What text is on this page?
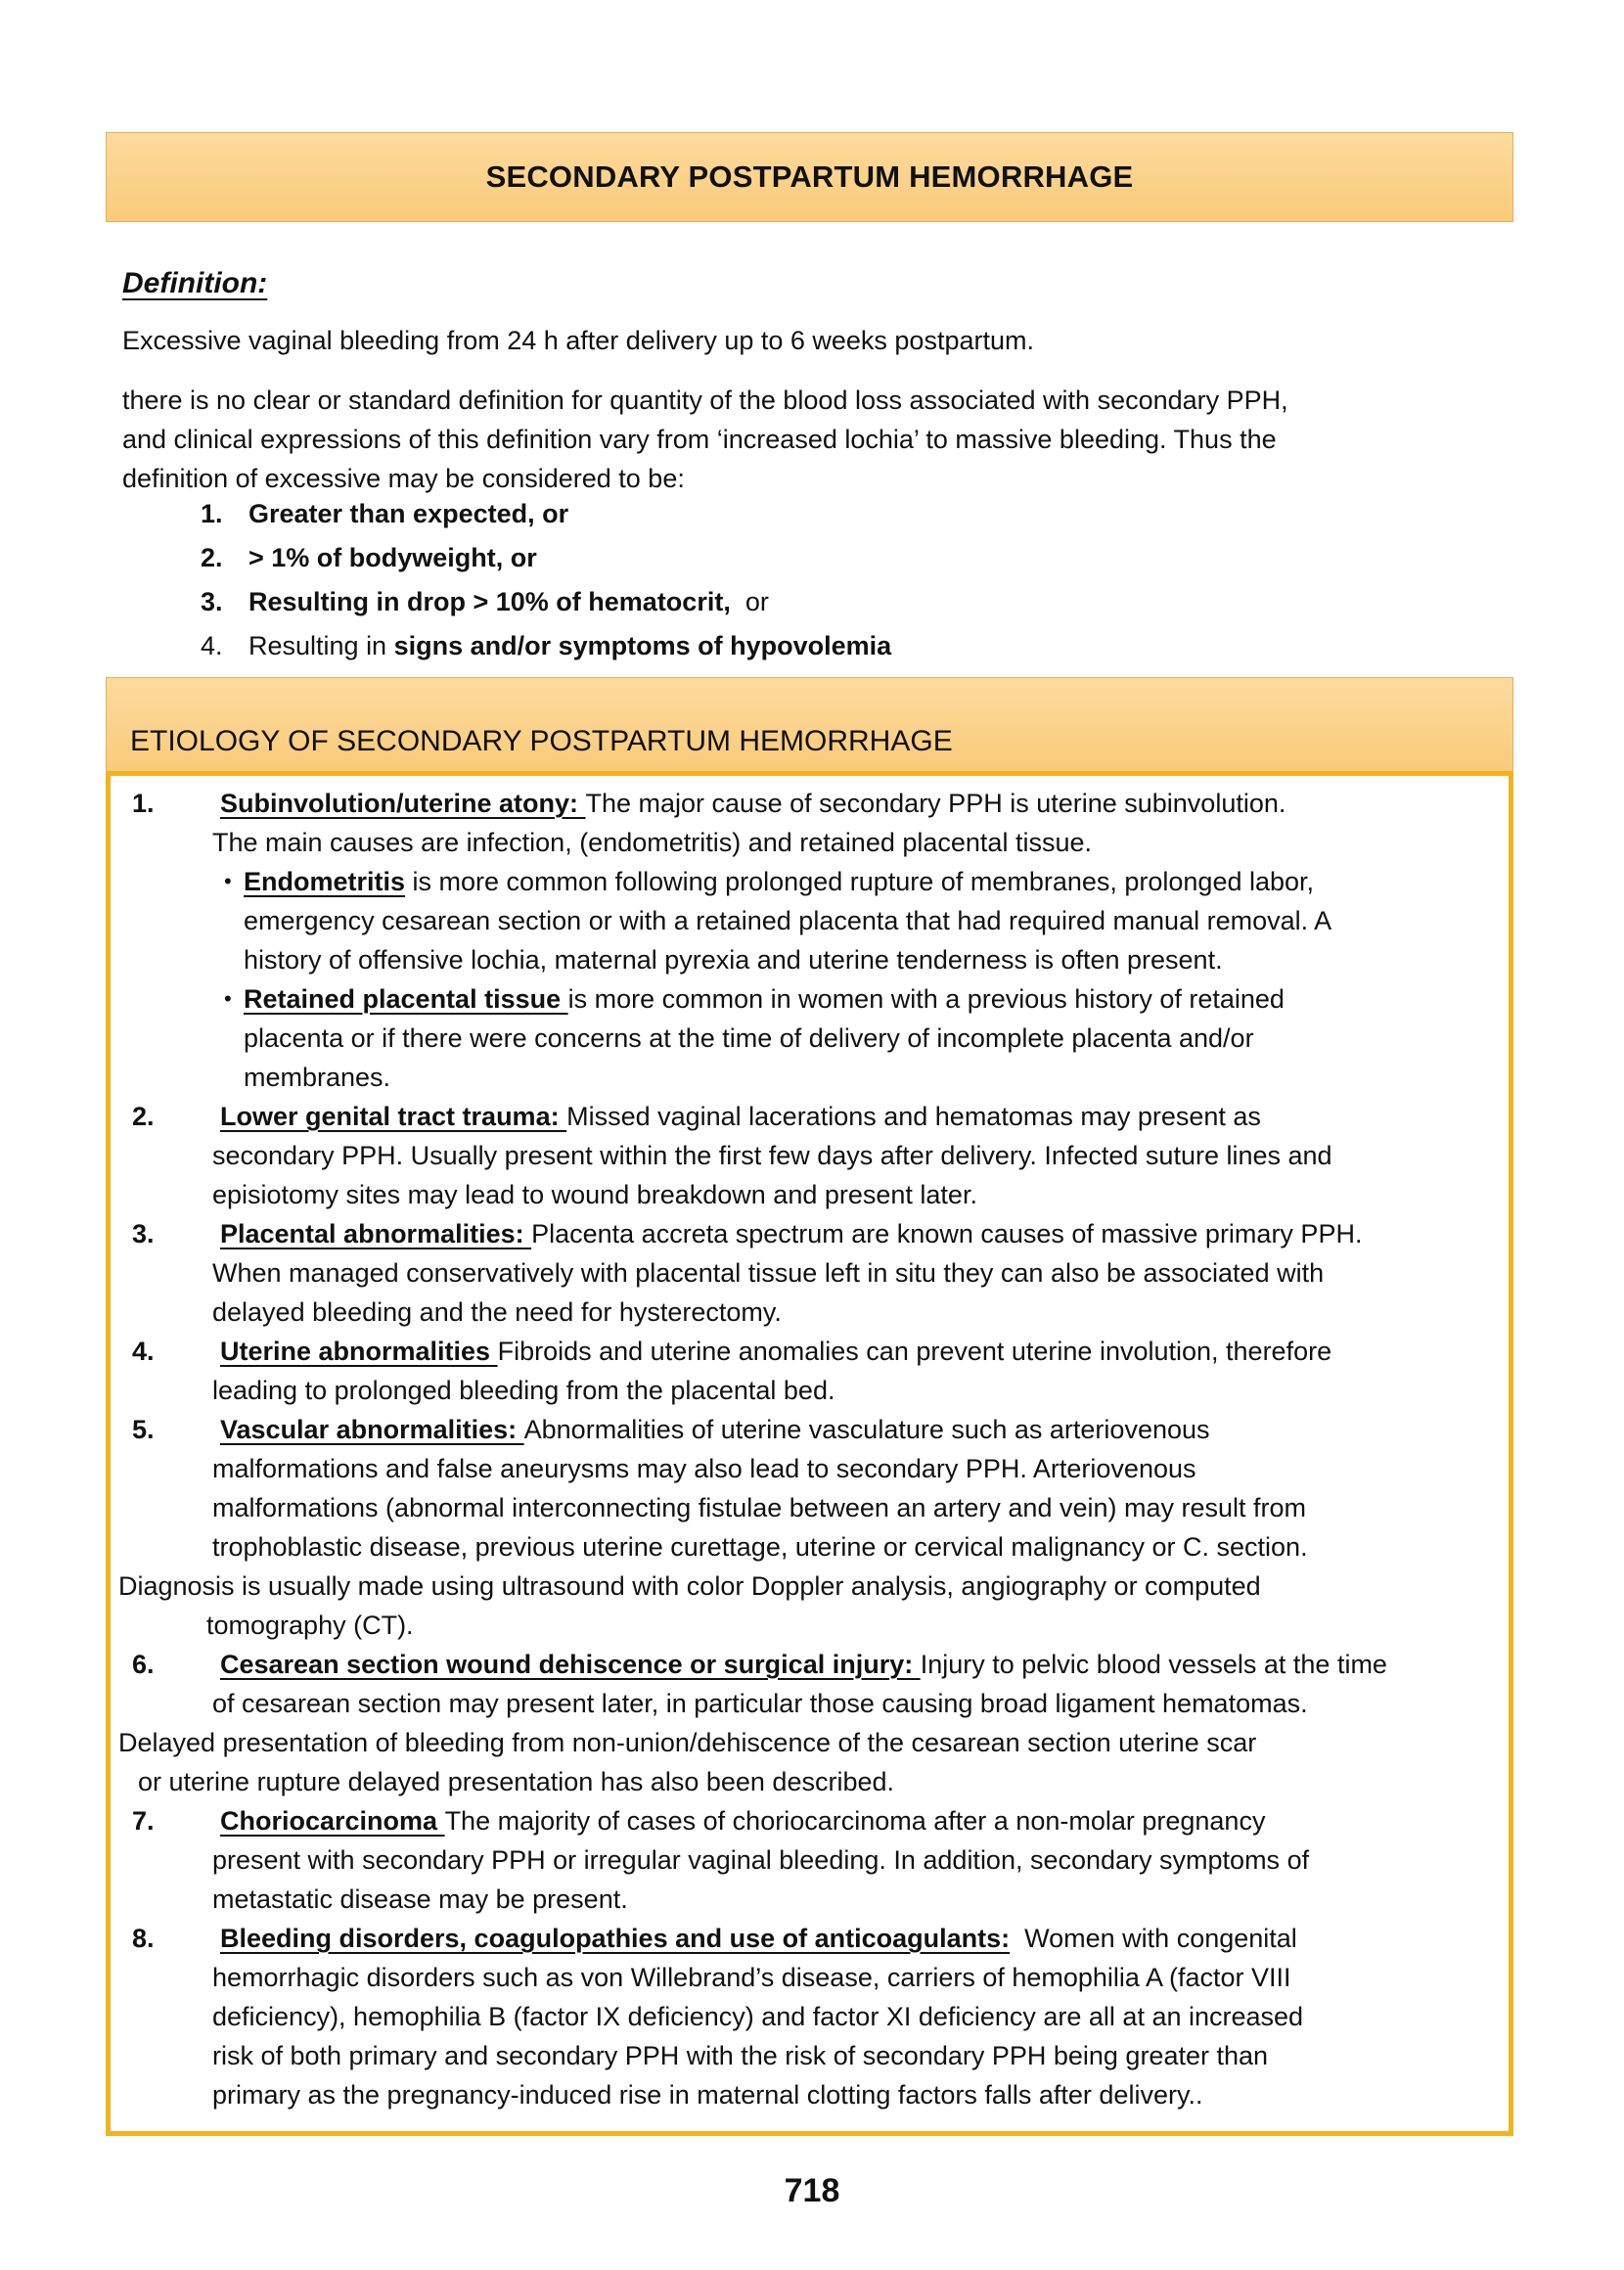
SECONDARY POSTPARTUM HEMORRHAGE
Definition:
Excessive vaginal bleeding from 24 h after delivery up to 6 weeks postpartum.
there is no clear or standard definition for quantity of the blood loss associated with secondary PPH,
and clinical expressions of this definition vary from ‘increased lochia’ to massive bleeding. Thus the
definition of excessive may be considered to be:
1. Greater than expected, or
2. > 1% of bodyweight, or
3. Resulting in drop > 10% of hematocrit,  or
4. Resulting in signs and/or symptoms of hypovolemia
ETIOLOGY OF SECONDARY POSTPARTUM HEMORRHAGE
1. Subinvolution/uterine atony: The major cause of secondary PPH is uterine subinvolution.
The main causes are infection, (endometritis) and retained placental tissue.
• Endometritis is more common following prolonged rupture of membranes, prolonged labor,
emergency cesarean section or with a retained placenta that had required manual removal. A
history of offensive lochia, maternal pyrexia and uterine tenderness is often present.
• Retained placental tissue is more common in women with a previous history of retained
placenta or if there were concerns at the time of delivery of incomplete placenta and/or
membranes.
2. Lower genital tract trauma: Missed vaginal lacerations and hematomas may present as
secondary PPH. Usually present within the first few days after delivery. Infected suture lines and
episiotomy sites may lead to wound breakdown and present later.
3. Placental abnormalities: Placenta accreta spectrum are known causes of massive primary PPH.
When managed conservatively with placental tissue left in situ they can also be associated with
delayed bleeding and the need for hysterectomy.
4. Uterine abnormalities Fibroids and uterine anomalies can prevent uterine involution, therefore
leading to prolonged bleeding from the placental bed.
5. Vascular abnormalities: Abnormalities of uterine vasculature such as arteriovenous
malformations and false aneurysms may also lead to secondary PPH. Arteriovenous
malformations (abnormal interconnecting fistulae between an artery and vein) may result from
trophoblastic disease, previous uterine curettage, uterine or cervical malignancy or C. section.
Diagnosis is usually made using ultrasound with color Doppler analysis, angiography or computed
tomography (CT).
6. Cesarean section wound dehiscence or surgical injury: Injury to pelvic blood vessels at the time
of cesarean section may present later, in particular those causing broad ligament hematomas.
Delayed presentation of bleeding from non-union/dehiscence of the cesarean section uterine scar
or uterine rupture delayed presentation has also been described.
7. Choriocarcinoma The majority of cases of choriocarcinoma after a non-molar pregnancy
present with secondary PPH or irregular vaginal bleeding. In addition, secondary symptoms of
metastatic disease may be present.
8. Bleeding disorders, coagulopathies and use of anticoagulants:  Women with congenital
hemorrhagic disorders such as von Willebrand’s disease, carriers of hemophilia A (factor VIII
deficiency), hemophilia B (factor IX deficiency) and factor XI deficiency are all at an increased
risk of both primary and secondary PPH with the risk of secondary PPH being greater than
primary as the pregnancy-induced rise in maternal clotting factors falls after delivery..
718
